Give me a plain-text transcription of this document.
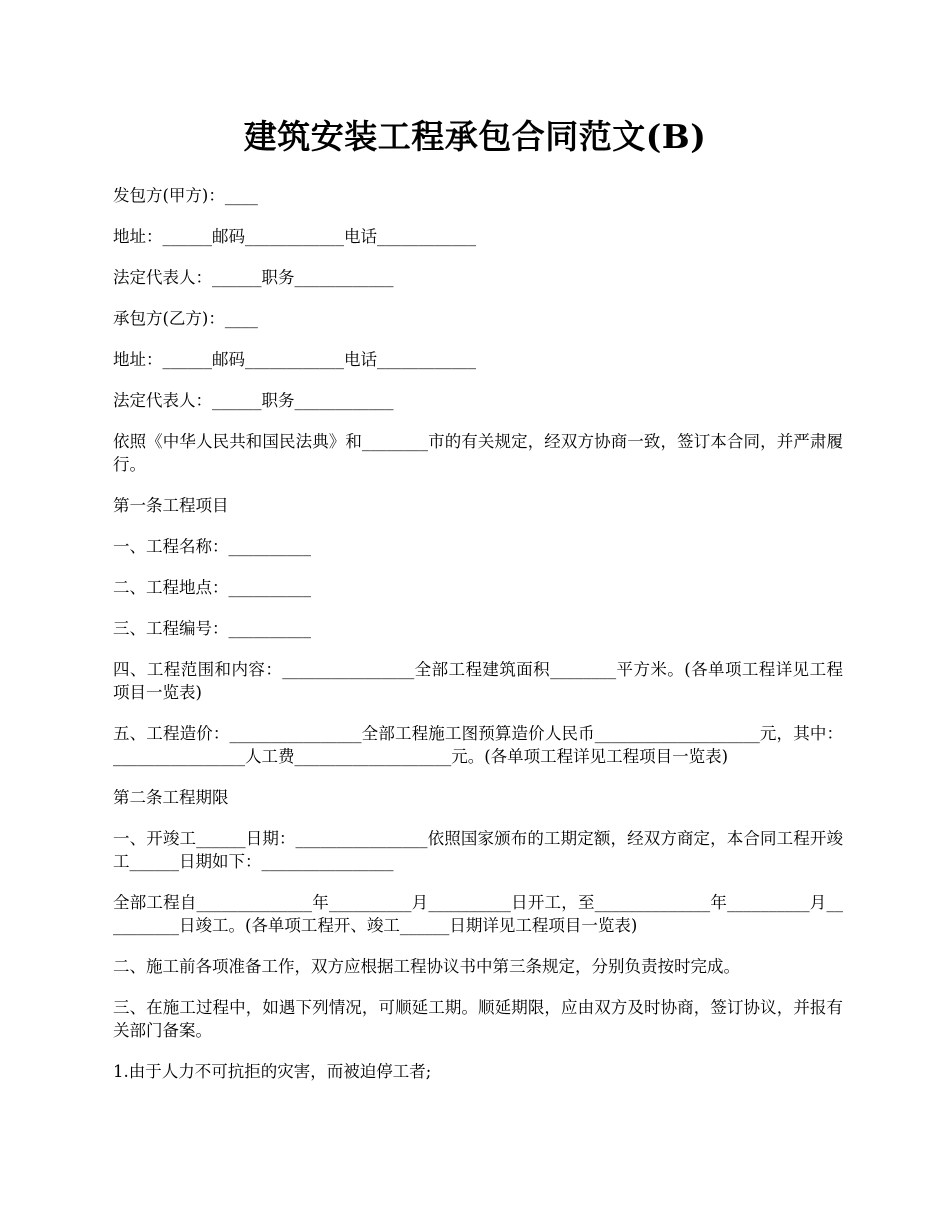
建筑安装工程承包合同范文(B)

发包方(甲方)：____

地址：______邮码____________电话____________

法定代表人：______职务____________

承包方(乙方)：____

地址：______邮码____________电话____________

法定代表人：______职务____________

依照《中华人民共和国民法典》和________市的有关规定，经双方协商一致，签订本合同，并严肃履行。

第一条工程项目

一、工程名称：__________

二、工程地点：__________

三、工程编号：__________

四、工程范围和内容：________________全部工程建筑面积________平方米。(各单项工程详见工程项目一览表)

五、工程造价：________________全部工程施工图预算造价人民币____________________元，其中：________________人工费___________________元。(各单项工程详见工程项目一览表)

第二条工程期限

一、开竣工______日期：________________依照国家颁布的工期定额，经双方商定，本合同工程开竣工______日期如下：________________

全部工程自______________年__________月__________日开工，至______________年__________月__________日竣工。(各单项工程开、竣工______日期详见工程项目一览表)

二、施工前各项准备工作，双方应根据工程协议书中第三条规定，分别负责按时完成。

三、在施工过程中，如遇下列情况，可顺延工期。顺延期限，应由双方及时协商，签订协议，并报有关部门备案。

1.由于人力不可抗拒的灾害，而被迫停工者;
